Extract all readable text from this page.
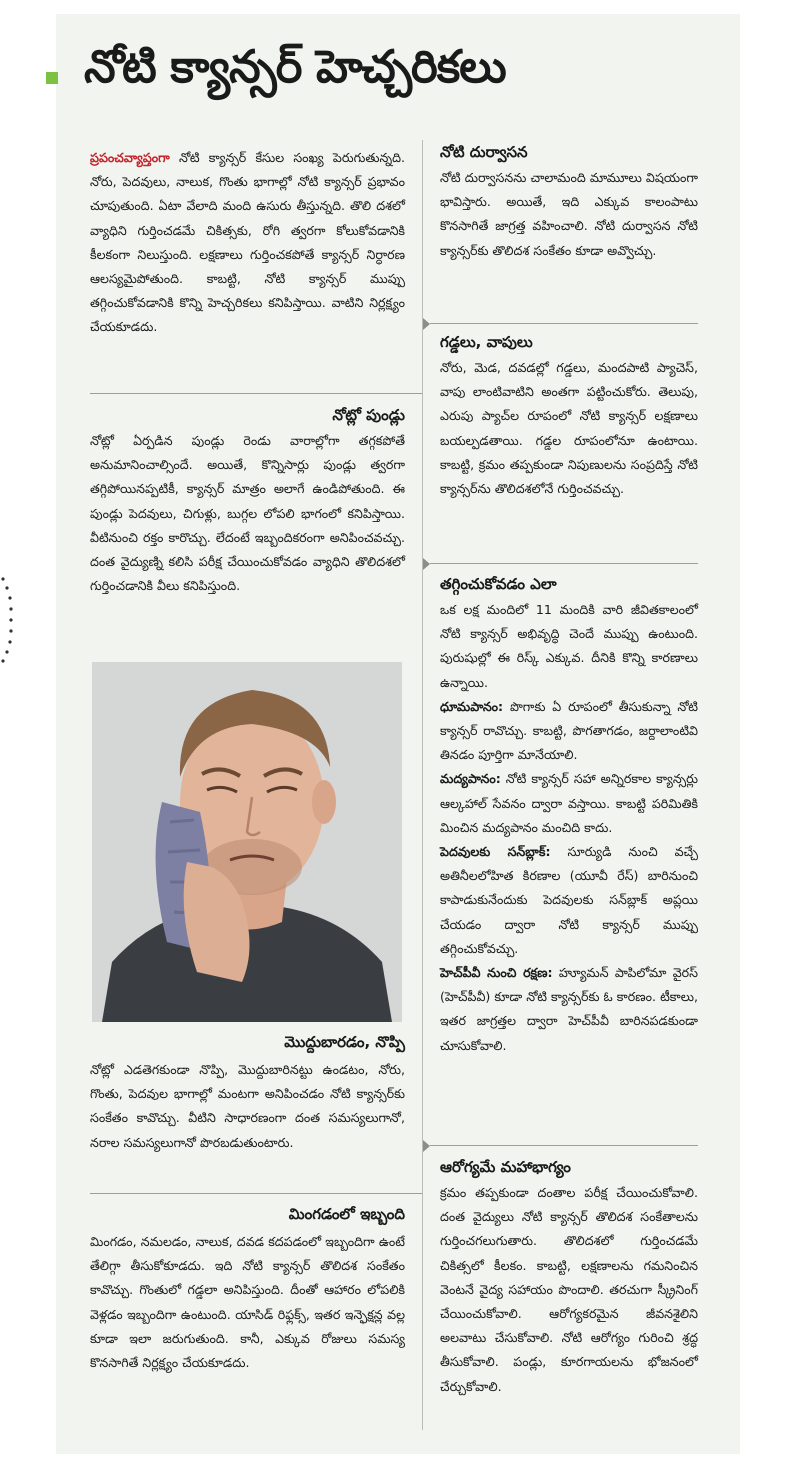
నోటి క్యాన్సర్‌ హెచ్చరికలు

ప్రపంచవ్యాప్తంగా నోటి క్యాన్సర్‌ కేసుల సంఖ్య పెరుగుతున్నది. నోరు, పెదవులు, నాలుక, గొంతు భాగాల్లో నోటి క్యాన్సర్‌ ప్రభావం చూపుతుంది. ఏటా వేలాది మంది ఉసురు తీస్తున్నది. తొలి దశలో వ్యాధిని గుర్తించడమే చికిత్సకు, రోగి త్వరగా కోలుకోవడానికి కీలకంగా నిలుస్తుంది. లక్షణాలు గుర్తించకపోతే క్యాన్సర్‌ నిర్ధారణ ఆలస్యమైపోతుంది. కాబట్టి, నోటి క్యాన్సర్‌ ముప్పు తగ్గించుకోవడానికి కొన్ని హెచ్చరికలు కనిపిస్తాయి. వాటిని నిర్లక్ష్యం చేయకూడదు.

నోట్లో పుండ్లు

నోట్లో ఏర్పడిన పుండ్లు రెండు వారాల్లోగా తగ్గకపోతే అనుమానించాల్సిందే. అయితే, కొన్నిసార్లు పుండ్లు త్వరగా తగ్గిపోయినప్పటికీ, క్యాన్సర్‌ మాత్రం అలాగే ఉండిపోతుంది. ఈ పుండ్లు పెదవులు, చిగుళ్లు, బుగ్గల లోపలి భాగంలో కనిపిస్తాయి. వీటినుంచి రక్తం కారొచ్చు. లేదంటే ఇబ్బందికరంగా అనిపించవచ్చు. దంత వైద్యుణ్ని కలిసి పరీక్ష చేయించుకోవడం వ్యాధిని తొలిదశలో గుర్తించడానికి వీలు కనిపిస్తుంది.

మొద్దుబారడం, నొప్పి

నోట్లో ఎడతెగకుండా నొప్పి, మొద్దుబారినట్టు ఉండటం, నోరు, గొంతు, పెదవుల భాగాల్లో మంటగా అనిపించడం నోటి క్యాన్సర్‌కు సంకేతం కావొచ్చు. వీటిని సాధారణంగా దంత సమస్యలుగానో, నరాల సమస్యలుగానో పొరబడుతుంటారు.

మింగడంలో ఇబ్బంది

మింగడం, నమలడం, నాలుక, దవడ కదపడంలో ఇబ్బందిగా ఉంటే తేలిగ్గా తీసుకోకూడదు. ఇది నోటి క్యాన్సర్‌ తొలిదశ సంకేతం కావొచ్చు. గొంతులో గడ్డలా అనిపిస్తుంది. దీంతో ఆహారం లోపలికి వెళ్లడం ఇబ్బందిగా ఉంటుంది. యాసిడ్‌ రిఫ్లక్స్‌, ఇతర ఇన్ఫెక్షన్ల వల్ల కూడా ఇలా జరుగుతుంది. కానీ, ఎక్కువ రోజులు సమస్య కొనసాగితే నిర్లక్ష్యం చేయకూడదు.

నోటి దుర్వాసన

నోటి దుర్వాసనను చాలామంది మామూలు విషయంగా భావిస్తారు. అయితే, ఇది ఎక్కువ కాలంపాటు కొనసాగితే జాగ్రత్త వహించాలి. నోటి దుర్వాసన నోటి క్యాన్సర్‌కు తొలిదశ సంకేతం కూడా అవ్వొచ్చు.

గడ్డలు, వాపులు

నోరు, మెడ, దవడల్లో గడ్డలు, మందపాటి ప్యాచెస్‌, వాపు లాంటివాటిని అంతగా పట్టించుకోరు. తెలుపు, ఎరుపు ప్యాచ్‌ల రూపంలో నోటి క్యాన్సర్‌ లక్షణాలు బయల్పడతాయి. గడ్డల రూపంలోనూ ఉంటాయి. కాబట్టి, క్రమం తప్పకుండా నిపుణులను సంప్రదిస్తే నోటి క్యాన్సర్‌ను తొలిదశలోనే గుర్తించవచ్చు.

తగ్గించుకోవడం ఎలా

ఒక లక్ష మందిలో 11 మందికి వారి జీవితకాలంలో నోటి క్యాన్సర్‌ అభివృద్ధి చెందే ముప్పు ఉంటుంది. పురుషుల్లో ఈ రిస్క్‌ ఎక్కువ. దీనికి కొన్ని కారణాలు ఉన్నాయి.

ధూమపానం: పొగాకు ఏ రూపంలో తీసుకున్నా నోటి క్యాన్సర్‌ రావొచ్చు. కాబట్టి, పొగతాగడం, జర్దాలాంటివి తినడం పూర్తిగా మానేయాలి.

మద్యపానం: నోటి క్యాన్సర్‌ సహా అన్నిరకాల క్యాన్సర్లు ఆల్కహాల్‌ సేవనం ద్వారా వస్తాయి. కాబట్టి పరిమితికి మించిన మద్యపానం మంచిది కాదు.

పెదవులకు సన్‌బ్లాక్‌: సూర్యుడి నుంచి వచ్చే అతినీలలోహిత కిరణాల (యూవీ రేస్‌) బారినుంచి కాపాడుకునేందుకు పెదవులకు సన్‌బ్లాక్‌ అప్లయి చేయడం ద్వారా నోటి క్యాన్సర్‌ ముప్పు తగ్గించుకోవచ్చు.

హెచ్‌పీవీ నుంచి రక్షణ: హ్యూమన్‌ పాపిలోమా వైరస్‌ (హెచ్‌పీవీ) కూడా నోటి క్యాన్సర్‌కు ఓ కారణం. టీకాలు, ఇతర జాగ్రత్తల ద్వారా హెచ్‌పీవీ బారినపడకుండా చూసుకోవాలి.

ఆరోగ్యమే మహాభాగ్యం

క్రమం తప్పకుండా దంతాల పరీక్ష చేయించుకోవాలి. దంత వైద్యులు నోటి క్యాన్సర్‌ తొలిదశ సంకేతాలను గుర్తించగలుగుతారు. తొలిదశలో గుర్తించడమే చికిత్సలో కీలకం. కాబట్టి, లక్షణాలను గమనించిన వెంటనే వైద్య సహాయం పొందాలి. తరచుగా స్క్రీనింగ్‌ చేయించుకోవాలి. ఆరోగ్యకరమైన జీవనశైలిని అలవాటు చేసుకోవాలి. నోటి ఆరోగ్యం గురించి శ్రద్ధ తీసుకోవాలి. పండ్లు, కూరగాయలను భోజనంలో చేర్చుకోవాలి.
